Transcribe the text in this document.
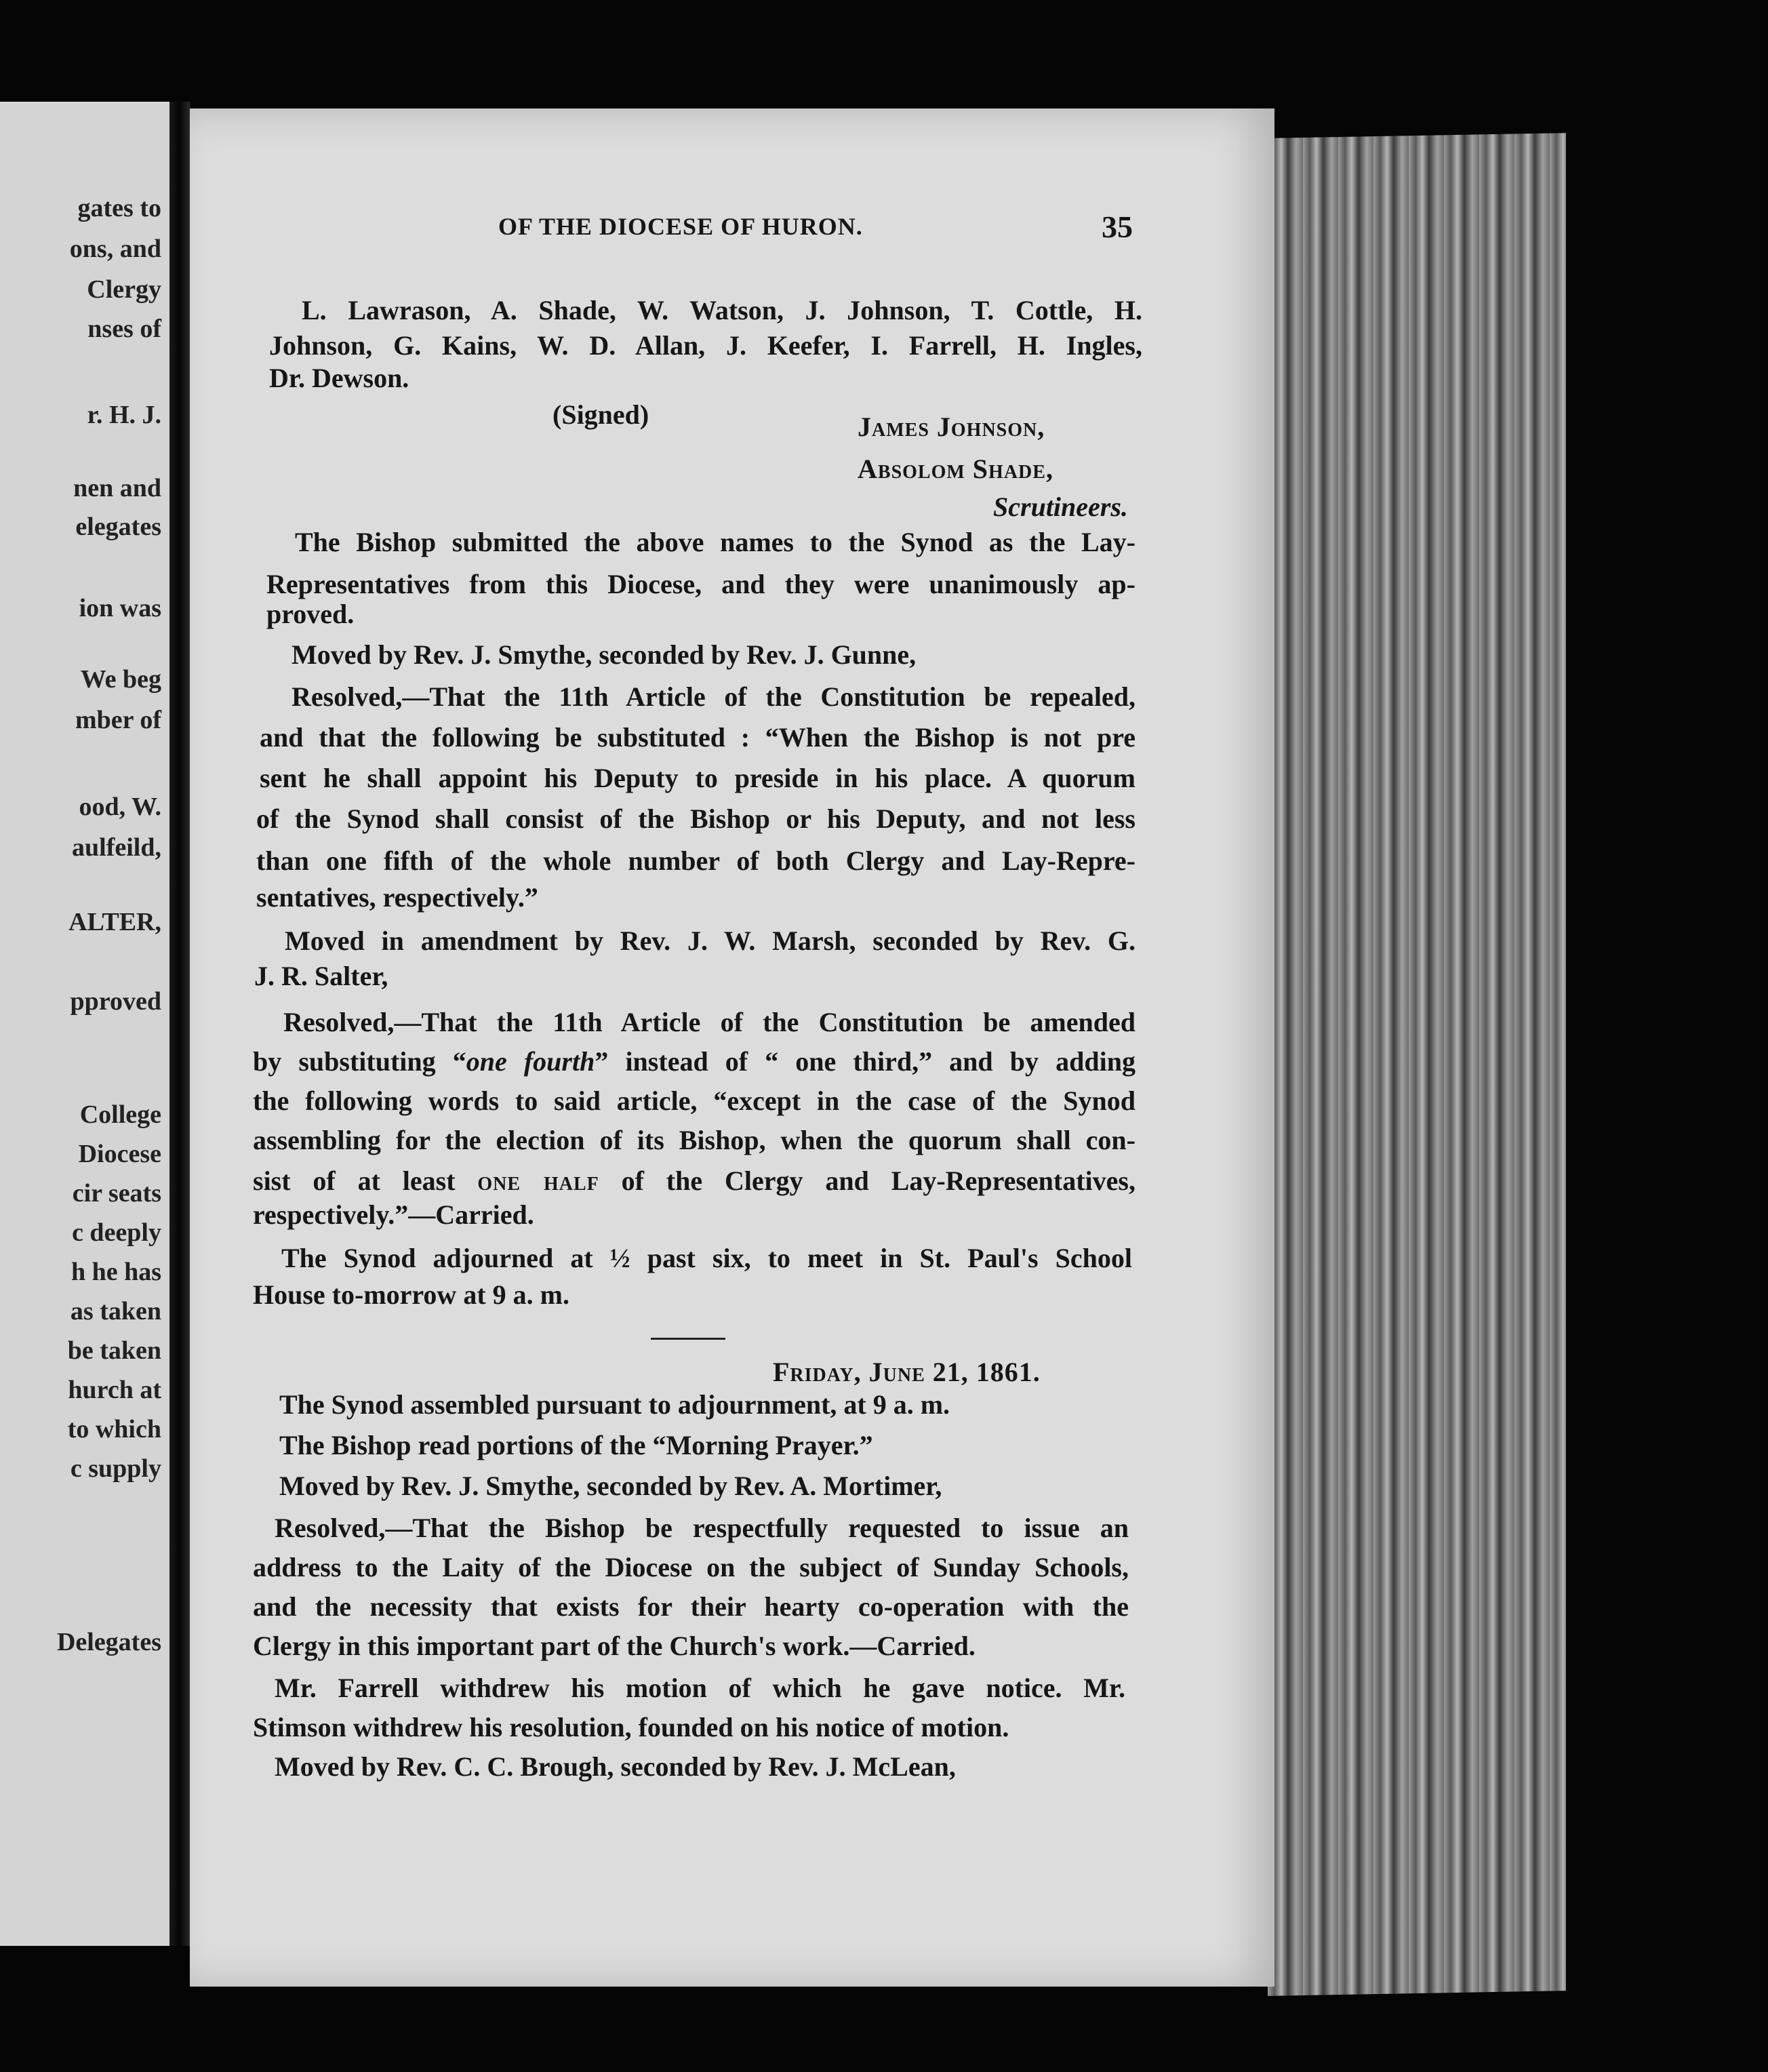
gates to
ons, and
Clergy
nses of
r. H. J.
nen and
elegates
ion was
We beg
mber of
ood, W.
aulfeild,
ALTER,
pproved
College
Diocese
cir seats
c deeply
h he has
as taken
be taken
hurch at
to which
c supply
Delegates
OF THE DIOCESE OF HURON.	35
L. Lawrason, A. Shade, W. Watson, J. Johnson, T. Cottle, H.
Johnson, G. Kains, W. D. Allan, J. Keefer, I. Farrell, H. Ingles,
Dr. Dewson.
(Signed)	James Johnson,
Absolom Shade,
Scrutineers.
The Bishop submitted the above names to the Synod as the Lay-
Representatives from this Diocese, and they were unanimously ap-
proved.
Moved by Rev. J. Smythe, seconded by Rev. J. Gunne,
Resolved,—That the 11th Article of the Constitution be repealed,
and that the following be substituted : “When the Bishop is not pre
sent he shall appoint his Deputy to preside in his place. A quorum
of the Synod shall consist of the Bishop or his Deputy, and not less
than one fifth of the whole number of both Clergy and Lay-Repre-
sentatives, respectively.”
Moved in amendment by Rev. J. W. Marsh, seconded by Rev. G.
J. R. Salter,
Resolved,—That the 11th Article of the Constitution be amended
by substituting “one fourth” instead of “ one third,” and by adding
the following words to said article, “except in the case of the Synod
assembling for the election of its Bishop, when the quorum shall con-
sist of at least one half of the Clergy and Lay-Representatives,
respectively.”—Carried.
The Synod adjourned at ½ past six, to meet in St. Paul's School
House to-morrow at 9 a. m.
Friday, June 21, 1861.
The Synod assembled pursuant to adjournment, at 9 a. m.
The Bishop read portions of the “Morning Prayer.”
Moved by Rev. J. Smythe, seconded by Rev. A. Mortimer,
Resolved,—That the Bishop be respectfully requested to issue an
address to the Laity of the Diocese on the subject of Sunday Schools,
and the necessity that exists for their hearty co-operation with the
Clergy in this important part of the Church's work.—Carried.
Mr. Farrell withdrew his motion of which he gave notice. Mr.
Stimson withdrew his resolution, founded on his notice of motion.
Moved by Rev. C. C. Brough, seconded by Rev. J. McLean,
